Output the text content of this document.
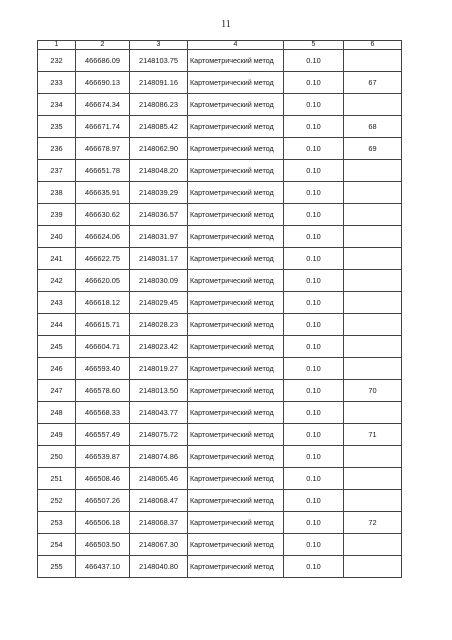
11
1	2	3	4	5	6
232	466686.09	2148103.75	Картометрический метод	0.10	
233	466690.13	2148091.16	Картометрический метод	0.10	67
234	466674.34	2148086.23	Картометрический метод	0.10	
235	466671.74	2148085.42	Картометрический метод	0.10	68
236	466678.97	2148062.90	Картометрический метод	0.10	69
237	466651.78	2148048.20	Картометрический метод	0.10	
238	466635.91	2148039.29	Картометрический метод	0.10	
239	466630.62	2148036.57	Картометрический метод	0.10	
240	466624.06	2148031.97	Картометрический метод	0.10	
241	466622.75	2148031.17	Картометрический метод	0.10	
242	466620.05	2148030.09	Картометрический метод	0.10	
243	466618.12	2148029.45	Картометрический метод	0.10	
244	466615.71	2148028.23	Картометрический метод	0.10	
245	466604.71	2148023.42	Картометрический метод	0.10	
246	466593.40	2148019.27	Картометрический метод	0.10	
247	466578.60	2148013.50	Картометрический метод	0.10	70
248	466568.33	2148043.77	Картометрический метод	0.10	
249	466557.49	2148075.72	Картометрический метод	0.10	71
250	466539.87	2148074.86	Картометрический метод	0.10	
251	466508.46	2148065.46	Картометрический метод	0.10	
252	466507.26	2148068.47	Картометрический метод	0.10	
253	466506.18	2148068.37	Картометрический метод	0.10	72
254	466503.50	2148067.30	Картометрический метод	0.10	
255	466437.10	2148040.80	Картометрический метод	0.10	
